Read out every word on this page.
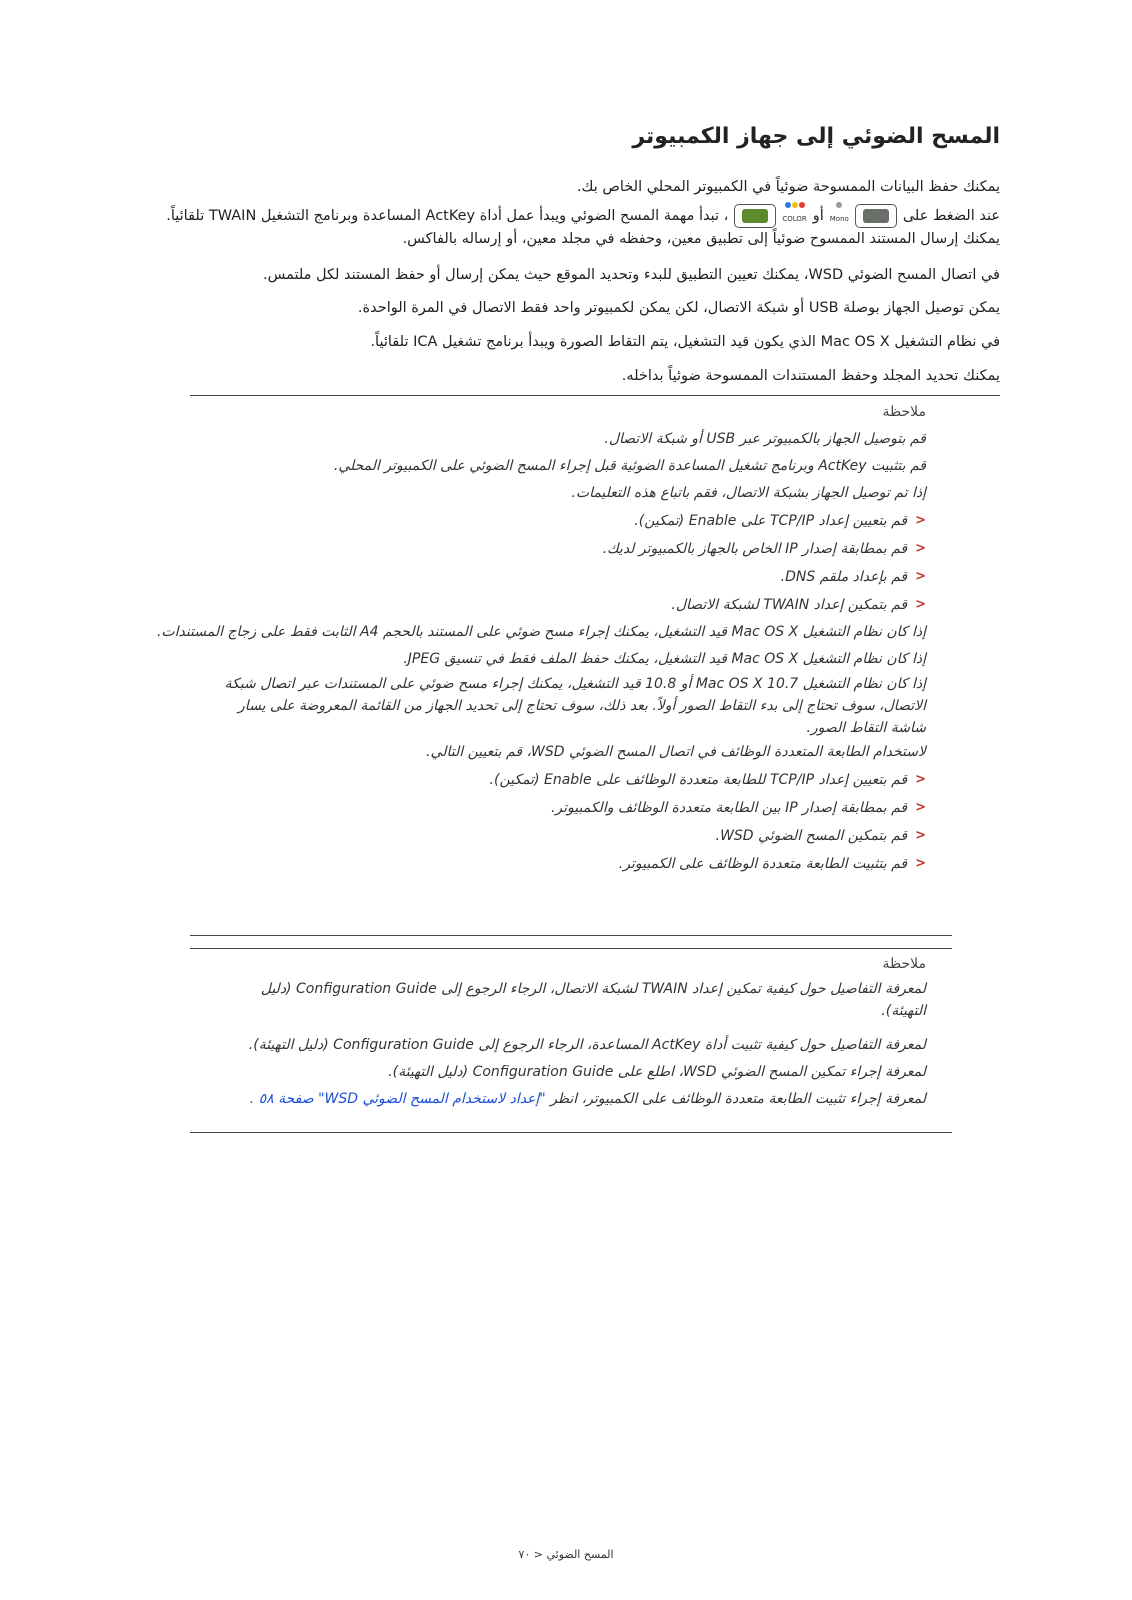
المسح الضوئي إلى جهاز الكمبيوتر

يمكنك حفظ البيانات الممسوحة ضوئياً في الكمبيوتر المحلي الخاص بك.

عند الضغط على
Mono
أو
COLOR
، تبدأ مهمة المسح الضوئي ويبدأ عمل أداة ActKey المساعدة وبرنامج التشغيل TWAIN تلقائياً.

يمكنك إرسال المستند الممسوح ضوئياً إلى تطبيق معين، وحفظه في مجلد معين، أو إرساله بالفاكس.

في اتصال المسح الضوئي WSD، يمكنك تعيين التطبيق للبدء وتحديد الموقع حيث يمكن إرسال أو حفظ المستند لكل ملتمس.

يمكن توصيل الجهاز بوصلة USB أو شبكة الاتصال، لكن يمكن لكمبيوتر واحد فقط الاتصال في المرة الواحدة.

في نظام التشغيل Mac OS X الذي يكون قيد التشغيل، يتم التقاط الصورة ويبدأ برنامج تشغيل ICA تلقائياً.

يمكنك تحديد المجلد وحفظ المستندات الممسوحة ضوئياً بداخله.

ملاحظة

قم بتوصيل الجهاز بالكمبيوتر عبر USB أو شبكة الاتصال.

قم بتثبيت ActKey وبرنامج تشغيل المساعدة الضوئية قبل إجراء المسح الضوئي على الكمبيوتر المحلي.

إذا تم توصيل الجهاز بشبكة الاتصال، فقم باتباع هذه التعليمات.

<
قم بتعيين إعداد TCP/IP على Enable (تمكين).
<
قم بمطابقة إصدار IP الخاص بالجهاز بالكمبيوتر لديك.
<
قم بإعداد ملقم DNS.
<
قم بتمكين إعداد TWAIN لشبكة الاتصال.

إذا كان نظام التشغيل Mac OS X قيد التشغيل، يمكنك إجراء مسح ضوئي على المستند بالحجم A4 الثابت فقط على زجاج المستندات.

إذا كان نظام التشغيل Mac OS X قيد التشغيل، يمكنك حفظ الملف فقط في تنسيق JPEG.

إذا كان نظام التشغيل Mac OS X 10.7 أو 10.8 قيد التشغيل، يمكنك إجراء مسح ضوئي على المستندات عبر اتصال شبكة

الاتصال، سوف تحتاج إلى بدء التقاط الصور أولاً. بعد ذلك، سوف تحتاج إلى تحديد الجهاز من القائمة المعروضة على يسار

شاشة التقاط الصور.

لاستخدام الطابعة المتعددة الوظائف في اتصال المسح الضوئي WSD، قم بتعيين التالي.

<
قم بتعيين إعداد TCP/IP للطابعة متعددة الوظائف على Enable (تمكين).
<
قم بمطابقة إصدار IP بين الطابعة متعددة الوظائف والكمبيوتر.
<
قم بتمكين المسح الضوئي WSD.
<
قم بتثبيت الطابعة متعددة الوظائف على الكمبيوتر.

ملاحظة

لمعرفة التفاصيل حول كيفية تمكين إعداد TWAIN لشبكة الاتصال، الرجاء الرجوع إلى Configuration Guide (دليل

التهيئة).

لمعرفة التفاصيل حول كيفية تثبيت أداة ActKey المساعدة، الرجاء الرجوع إلى Configuration Guide (دليل التهيئة).

لمعرفة إجراء تمكين المسح الضوئي WSD، اطلع على Configuration Guide (دليل التهيئة).

لمعرفة إجراء تثبيت الطابعة متعددة الوظائف على الكمبيوتر، انظر "إعداد لاستخدام المسح الضوئي WSD" صفحة ٥٨ .

المسح الضوئي < ٧٠
